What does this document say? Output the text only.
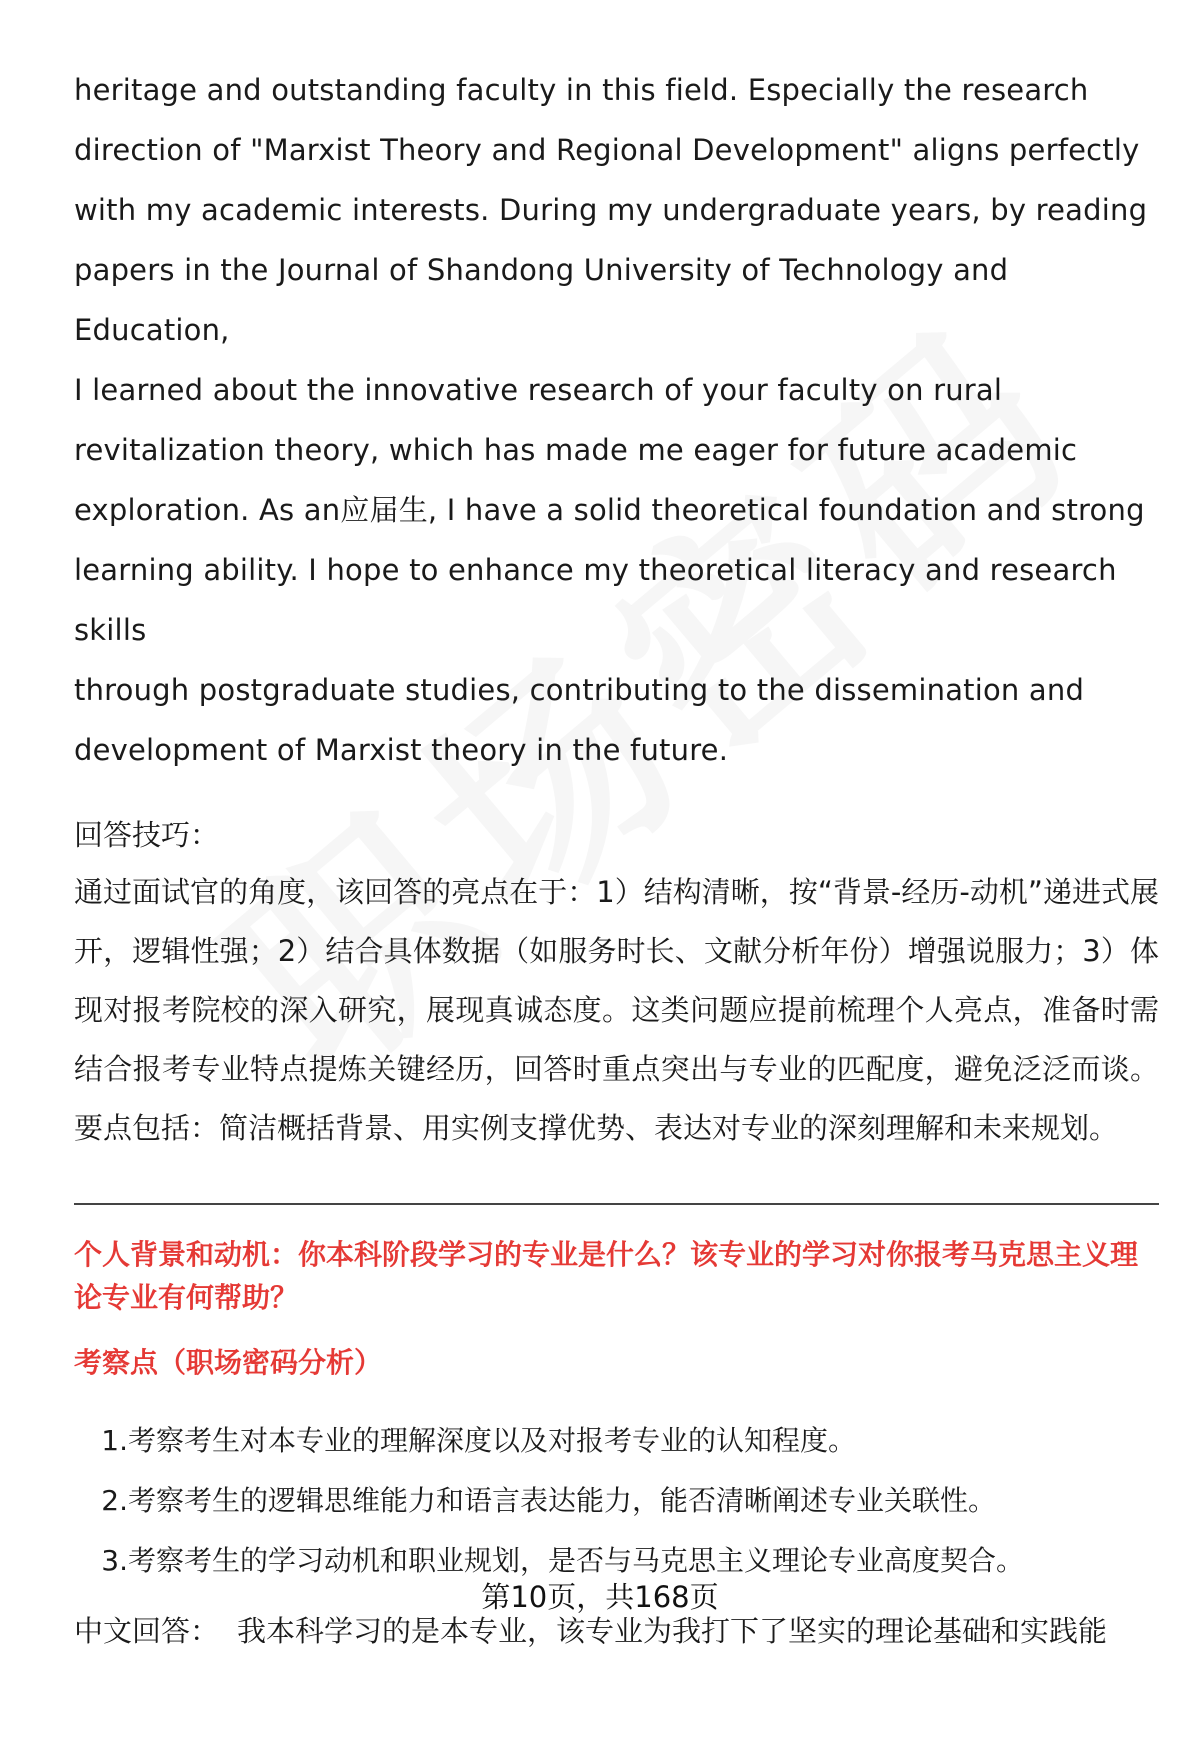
heritage and outstanding faculty in this field. Especially the research

direction of "Marxist Theory and Regional Development" aligns perfectly

with my academic interests. During my undergraduate years, by reading

papers in the Journal of Shandong University of Technology and Education,

I learned about the innovative research of your faculty on rural

revitalization theory, which has made me eager for future academic

exploration. As an应届生, I have a solid theoretical foundation and strong

learning ability. I hope to enhance my theoretical literacy and research skills

through postgraduate studies, contributing to the dissemination and

development of Marxist theory in the future.

回答技巧：

通过面试官的角度，该回答的亮点在于：1）结构清晰，按“背景-经历-动机”递进式展开，逻辑性强；2）结合具体数据（如服务时长、文献分析年份）增强说服力；3）体现对报考院校的深入研究，展现真诚态度。这类问题应提前梳理个人亮点，准备时需结合报考专业特点提炼关键经历，回答时重点突出与专业的匹配度，避免泛泛而谈。要点包括：简洁概括背景、用实例支撑优势、表达对专业的深刻理解和未来规划。

个人背景和动机：你本科阶段学习的专业是什么？该专业的学习对你报考马克思主义理论专业有何帮助？

考察点（职场密码分析）

1. 考察考生对本专业的理解深度以及对报考专业的认知程度。
2. 考察考生的逻辑思维能力和语言表达能力，能否清晰阐述专业关联性。
3. 考察考生的学习动机和职业规划，是否与马克思主义理论专业高度契合。

中文回答： 我本科学习的是本专业，该专业为我打下了坚实的理论基础和实践能

第10页，共168页
